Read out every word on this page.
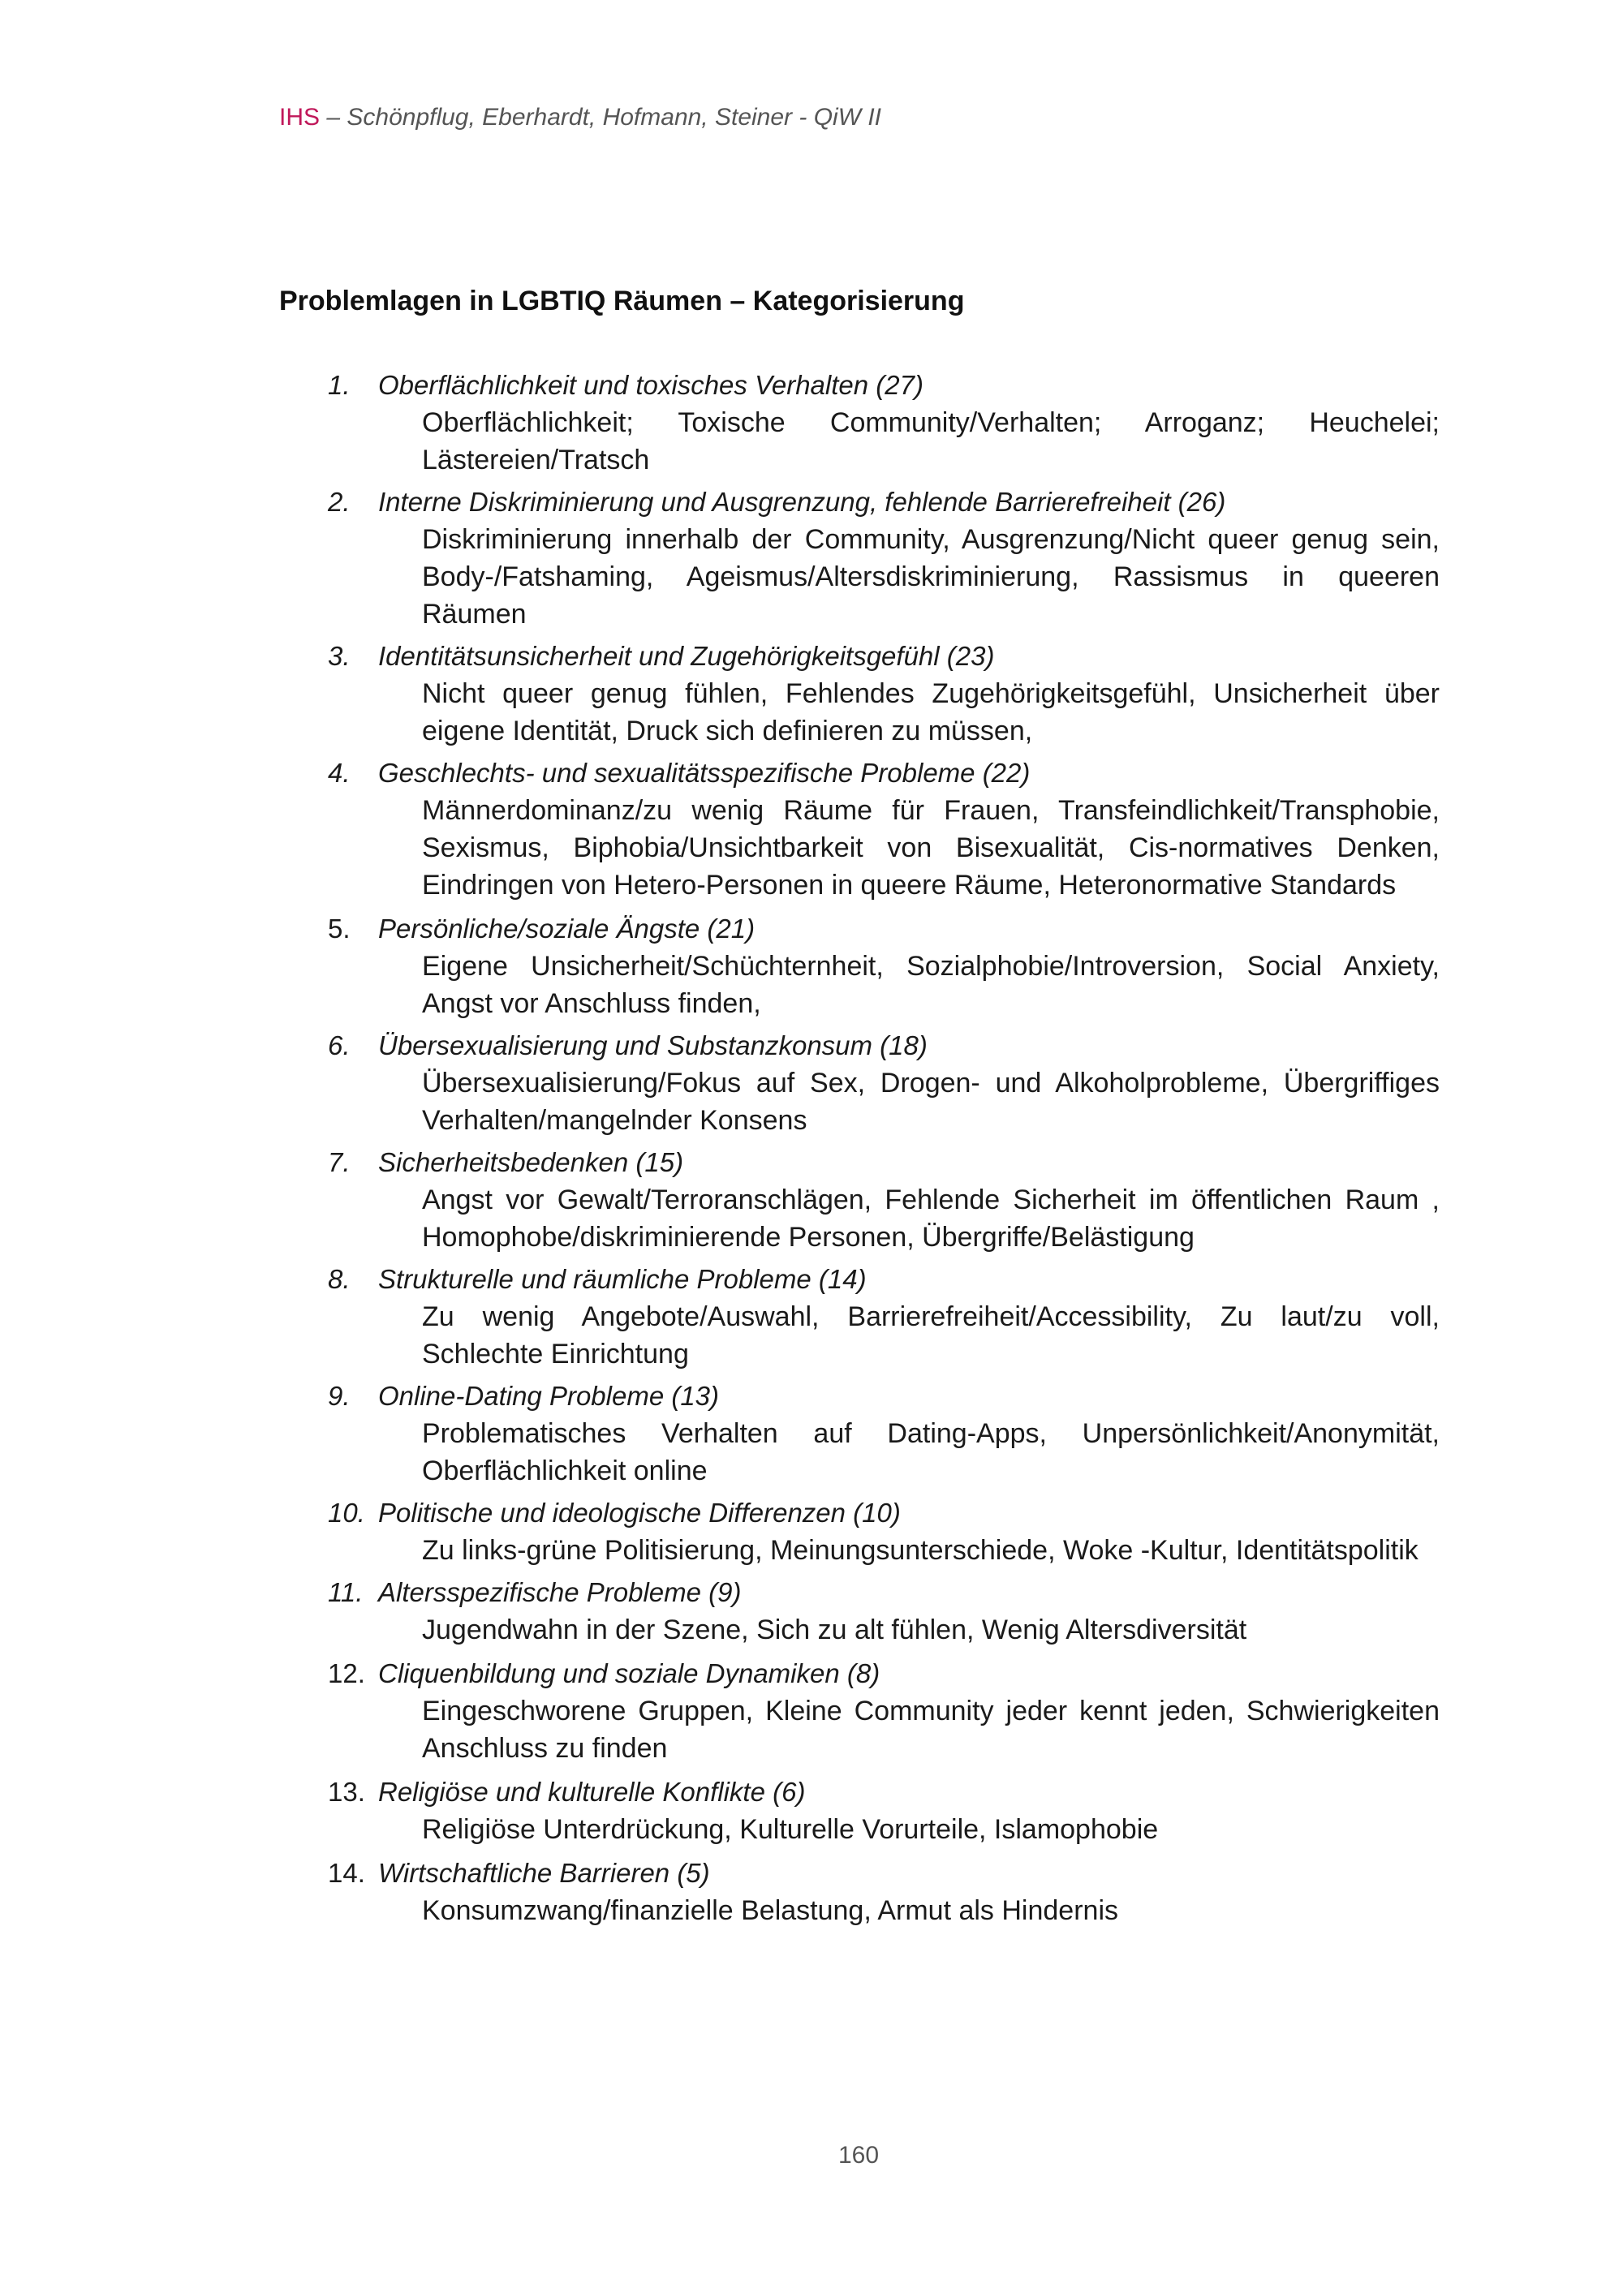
IHS – Schönpflug, Eberhardt, Hofmann, Steiner - QiW II
Problemlagen in LGBTIQ Räumen – Kategorisierung
1.	Oberflächlichkeit und toxisches Verhalten (27)
Oberflächlichkeit; Toxische Community/Verhalten; Arroganz; Heuchelei; Lästereien/Tratsch
2.	Interne Diskriminierung und Ausgrenzung, fehlende Barrierefreiheit (26)
Diskriminierung innerhalb der Community, Ausgrenzung/Nicht queer genug sein, Body-/Fatshaming, Ageismus/Altersdiskriminierung, Rassismus in queeren Räumen
3.	Identitätsunsicherheit und Zugehörigkeitsgefühl (23)
Nicht queer genug fühlen, Fehlendes Zugehörigkeitsgefühl, Unsicherheit über eigene Identität, Druck sich definieren zu müssen,
4.	Geschlechts- und sexualitätsspezifische Probleme (22)
Männerdominanz/zu wenig Räume für Frauen, Transfeindlichkeit/Transphobie, Sexismus, Biphobia/Unsichtbarkeit von Bisexualität, Cis-normatives Denken, Eindringen von Hetero-Personen in queere Räume, Heteronormative Standards
5.	Persönliche/soziale Ängste (21)
Eigene Unsicherheit/Schüchternheit, Sozialphobie/Introversion, Social Anxiety, Angst vor Anschluss finden,
6.	Übersexualisierung und Substanzkonsum (18)
Übersexualisierung/Fokus auf Sex, Drogen- und Alkoholprobleme, Übergriffiges Verhalten/mangelnder Konsens
7.	Sicherheitsbedenken (15)
Angst vor Gewalt/Terroranschlägen, Fehlende Sicherheit im öffentlichen Raum , Homophobe/diskriminierende Personen, Übergriffe/Belästigung
8.	Strukturelle und räumliche Probleme (14)
Zu wenig Angebote/Auswahl, Barrierefreiheit/Accessibility, Zu laut/zu voll, Schlechte Einrichtung
9.	Online-Dating Probleme (13)
Problematisches Verhalten auf Dating-Apps, Unpersönlichkeit/Anonymität, Oberflächlichkeit online
10. Politische und ideologische Differenzen (10)
Zu links-grüne Politisierung, Meinungsunterschiede, Woke -Kultur, Identitätspolitik
11. Altersspezifische Probleme (9)
Jugendwahn in der Szene, Sich zu alt fühlen, Wenig Altersdiversität
12. Cliquenbildung und soziale Dynamiken (8)
Eingeschworene Gruppen, Kleine Community jeder kennt jeden, Schwierigkeiten Anschluss zu finden
13. Religiöse und kulturelle Konflikte (6)
Religiöse Unterdrückung, Kulturelle Vorurteile, Islamophobie
14. Wirtschaftliche Barrieren (5)
Konsumzwang/finanzielle Belastung, Armut als Hindernis
160
